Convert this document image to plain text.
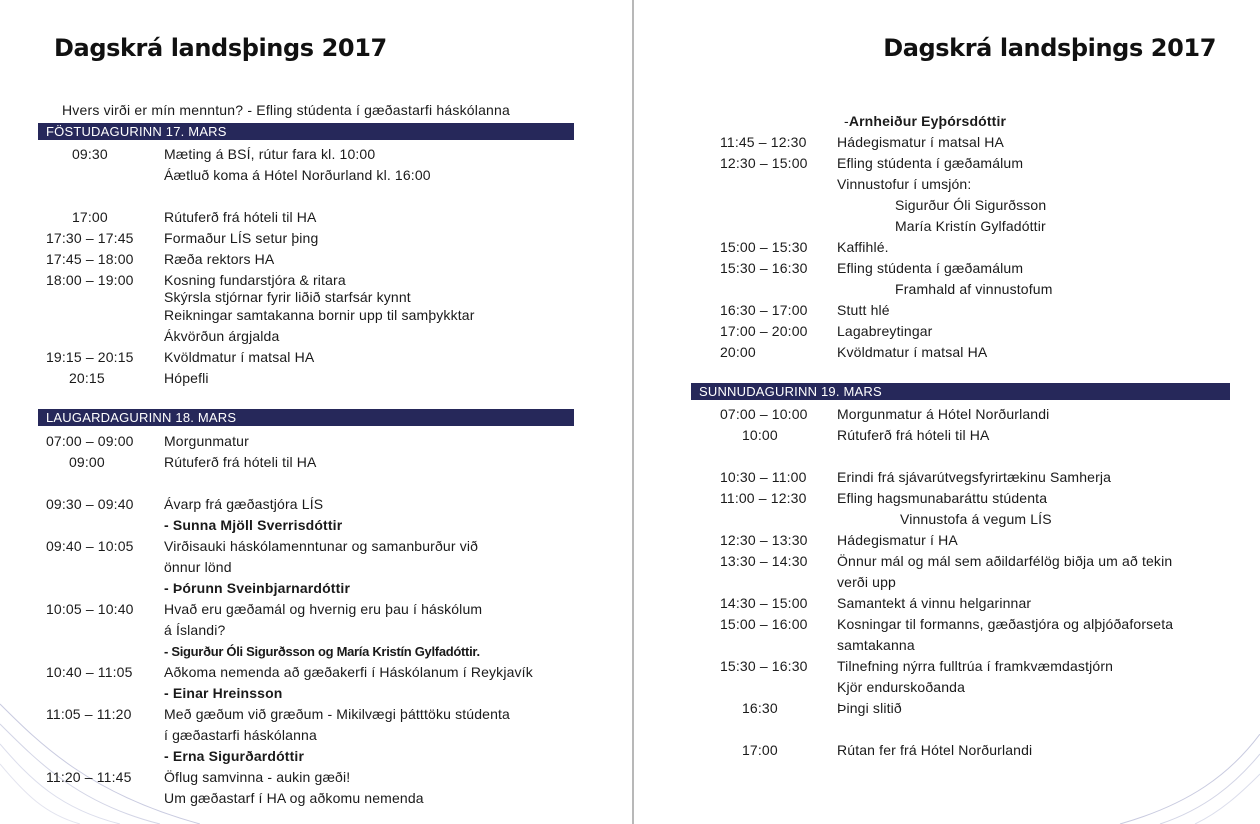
Dagskrá landsþings 2017
Hvers virði er mín menntun? - Efling stúdenta í gæðastarfi háskólanna
FÖSTUDAGURINN 17. MARS
09:30	Mæting á BSÍ, rútur fara kl. 10:00
Áætluð koma á Hótel Norðurland kl. 16:00
17:00	Rútuferð frá hóteli til HA
17:30 – 17:45 Formaður LÍS setur þing
17:45 – 18:00 Ræða rektors HA
18:00 – 19:00 Kosning fundarstjóra & ritara
Skýrsla stjórnar fyrir liðið starfsár kynnt
Reikningar samtakanna bornir upp til samþykktar
Ákvörðun árgjalda
19:15 – 20:15 Kvöldmatur í matsal HA
20:15	Hópefli
LAUGARDAGURINN 18. MARS
07:00 – 09:00 Morgunmatur
09:00	Rútuferð frá hóteli til HA
09:30 – 09:40 Ávarp frá gæðastjóra LÍS
- Sunna Mjöll Sverrisdóttir
09:40 – 10:05 Virðisauki háskólamenntunar og samanburður við
önnur lönd
- Þórunn Sveinbjarnardóttir
10:05 – 10:40 Hvað eru gæðamál og hvernig eru þau í háskólum
á Íslandi?
- Sigurður Óli Sigurðsson og María Kristín Gylfadóttir.
10:40 – 11:05 Aðkoma nemenda að gæðakerfi í Háskólanum í Reykjavík
- Einar Hreinsson
11:05 – 11:20 Með gæðum við græðum - Mikilvægi þátttöku stúdenta
í gæðastarfi háskólanna
- Erna Sigurðardóttir
11:20 – 11:45 Öflug samvinna - aukin gæði!
Um gæðastarf í HA og aðkomu nemenda
Dagskrá landsþings 2017
-Arnheiður Eyþórsdóttir
11:45 – 12:30 Hádegismatur í matsal HA
12:30 – 15:00 Efling stúdenta í gæðamálum
Vinnustofur í umsjón:
Sigurður Óli Sigurðsson
María Kristín Gylfadóttir
15:00 – 15:30 Kaffihlé.
15:30 – 16:30 Efling stúdenta í gæðamálum
Framhald af vinnustofum
16:30 – 17:00 Stutt hlé
17:00 – 20:00 Lagabreytingar
20:00	Kvöldmatur í matsal HA
SUNNUDAGURINN 19. MARS
07:00 – 10:00 Morgunmatur á Hótel Norðurlandi
10:00	Rútuferð frá hóteli til HA
10:30 – 11:00 Erindi frá sjávarútvegsfyrirtækinu Samherja
11:00 – 12:30 Efling hagsmunabaráttu stúdenta
Vinnustofa á vegum LÍS
12:30 – 13:30 Hádegismatur í HA
13:30 – 14:30 Önnur mál og mál sem aðildarfélög biðja um að tekin
verði upp
14:30 – 15:00 Samantekt á vinnu helgarinnar
15:00 – 16:00 Kosningar til formanns, gæðastjóra og alþjóðaforseta
samtakanna
15:30 – 16:30 Tilnefning nýrra fulltrúa í framkvæmdastjórn
Kjör endurskoðanda
16:30	Þingi slitið
17:00	Rútan fer frá Hótel Norðurlandi
